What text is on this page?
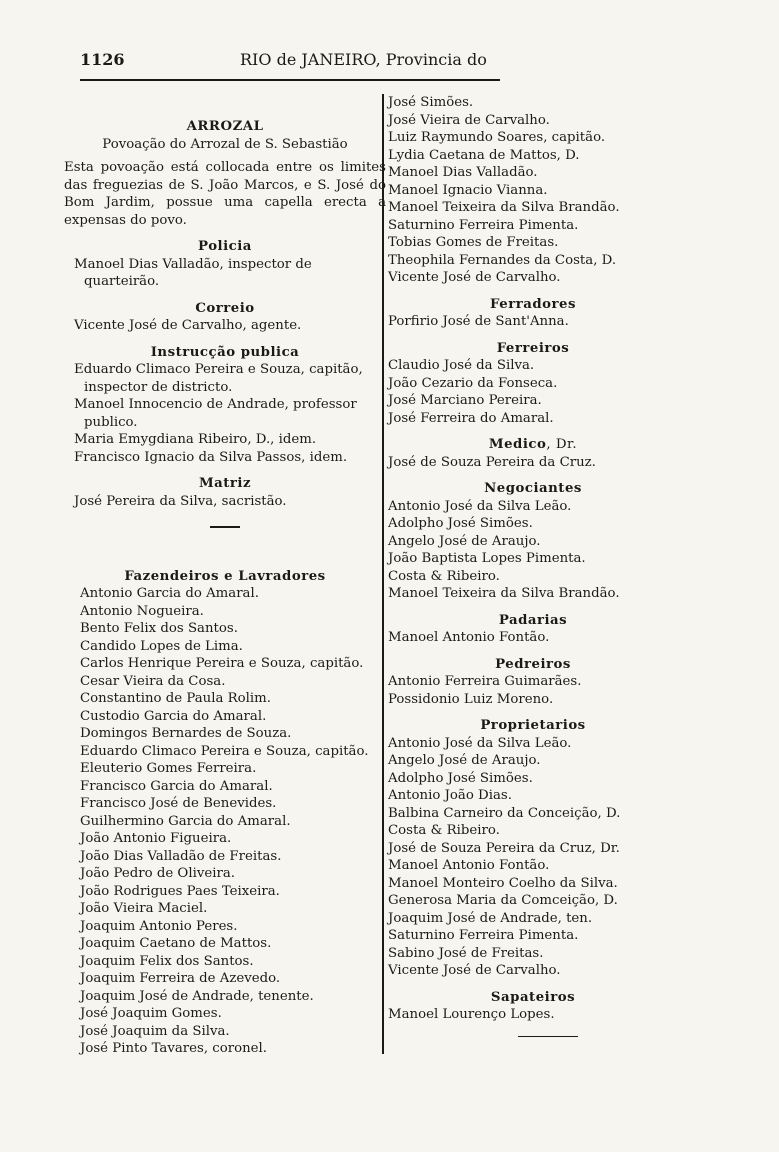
1126	RIO de JANEIRO, Provincia do
ARROZAL
Povoação do Arrozal de S. Sebastião
Esta povoação está collocada entre os limites das freguezias de S. João Marcos, e S. José do Bom Jardim, possue uma capella erecta a expensas do povo.
Policia
Manoel Dias Valladão, inspector de quarteirão.
Correio
Vicente José de Carvalho, agente.
Instrucção publica
Eduardo Climaco Pereira e Souza, capitão, inspector de districto.
Manoel Innocencio de Andrade, professor publico.
Maria Emygdiana Ribeiro, D., idem.
Francisco Ignacio da Silva Passos, idem.
Matriz
José Pereira da Silva, sacristão.
Fazendeiros e Lavradores
Antonio Garcia do Amaral.
Antonio Nogueira.
Bento Felix dos Santos.
Candido Lopes de Lima.
Carlos Henrique Pereira e Souza, capitão.
Cesar Vieira da Cosa.
Constantino de Paula Rolim.
Custodio Garcia do Amaral.
Domingos Bernardes de Souza.
Eduardo Climaco Pereira e Souza, capitão.
Eleuterio Gomes Ferreira.
Francisco Garcia do Amaral.
Francisco José de Benevides.
Guilhermino Garcia do Amaral.
João Antonio Figueira.
João Dias Valladão de Freitas.
João Pedro de Oliveira.
João Rodrigues Paes Teixeira.
João Vieira Maciel.
Joaquim Antonio Peres.
Joaquim Caetano de Mattos.
Joaquim Felix dos Santos.
Joaquim Ferreira de Azevedo.
Joaquim José de Andrade, tenente.
José Joaquim Gomes.
José Joaquim da Silva.
José Pinto Tavares, coronel.
José Simões.
José Vieira de Carvalho.
Luiz Raymundo Soares, capitão.
Lydia Caetana de Mattos, D.
Manoel Dias Valladão.
Manoel Ignacio Vianna.
Manoel Teixeira da Silva Brandão.
Saturnino Ferreira Pimenta.
Tobias Gomes de Freitas.
Theophila Fernandes da Costa, D.
Vicente José de Carvalho.
Ferradores
Porfirio José de Sant'Anna.
Ferreiros
Claudio José da Silva.
João Cezario da Fonseca.
José Marciano Pereira.
José Ferreira do Amaral.
Medico, Dr.
José de Souza Pereira da Cruz.
Negociantes
Antonio José da Silva Leão.
Adolpho José Simões.
Angelo José de Araujo.
João Baptista Lopes Pimenta.
Costa & Ribeiro.
Manoel Teixeira da Silva Brandão.
Padarias
Manoel Antonio Fontão.
Pedreiros
Antonio Ferreira Guimarães.
Possidonio Luiz Moreno.
Proprietarios
Antonio José da Silva Leão.
Angelo José de Araujo.
Adolpho José Simões.
Antonio João Dias.
Balbina Carneiro da Conceição, D.
Costa & Ribeiro.
José de Souza Pereira da Cruz, Dr.
Manoel Antonio Fontão.
Manoel Monteiro Coelho da Silva.
Generosa Maria da Comceição, D.
Joaquim José de Andrade, ten.
Saturnino Ferreira Pimenta.
Sabino José de Freitas.
Vicente José de Carvalho.
Sapateiros
Manoel Lourenço Lopes.
